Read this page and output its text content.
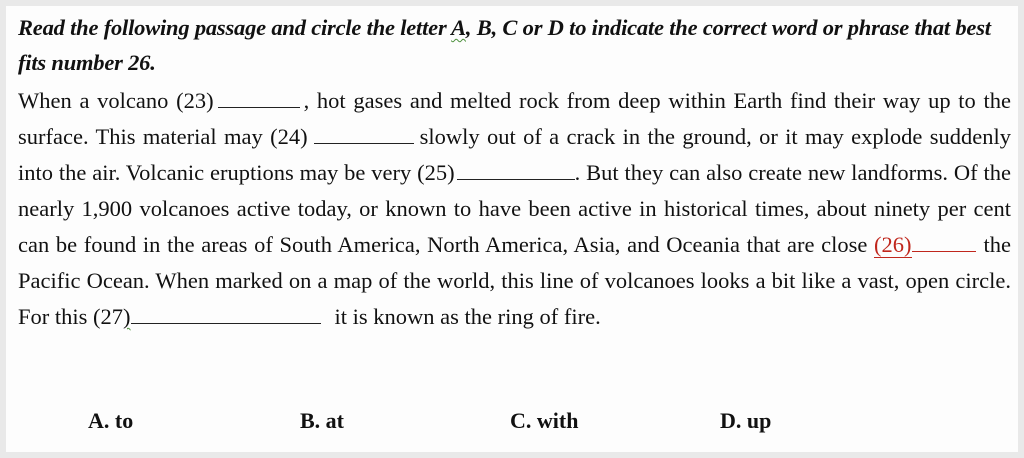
Read the following passage and circle the letter A, B, C or D to indicate the correct word or phrase that best fits number 26.
When a volcano (23)	, hot gases and melted rock from deep within Earth find their way up to the surface. This material may (24)	slowly out of a crack in the ground, or it may explode suddenly into the air. Volcanic eruptions may be very (25)	. But they can also create new landforms. Of the nearly 1,900 volcanoes active today, or known to have been active in historical times, about ninety per cent can be found in the areas of South America, North America, Asia, and Oceania that are close (26)	the Pacific Ocean. When marked on a map of the world, this line of volcanoes looks a bit like a vast, open circle. For this (27)	it is known as the ring of fire.
A. to	B. at	C. with	D. up
